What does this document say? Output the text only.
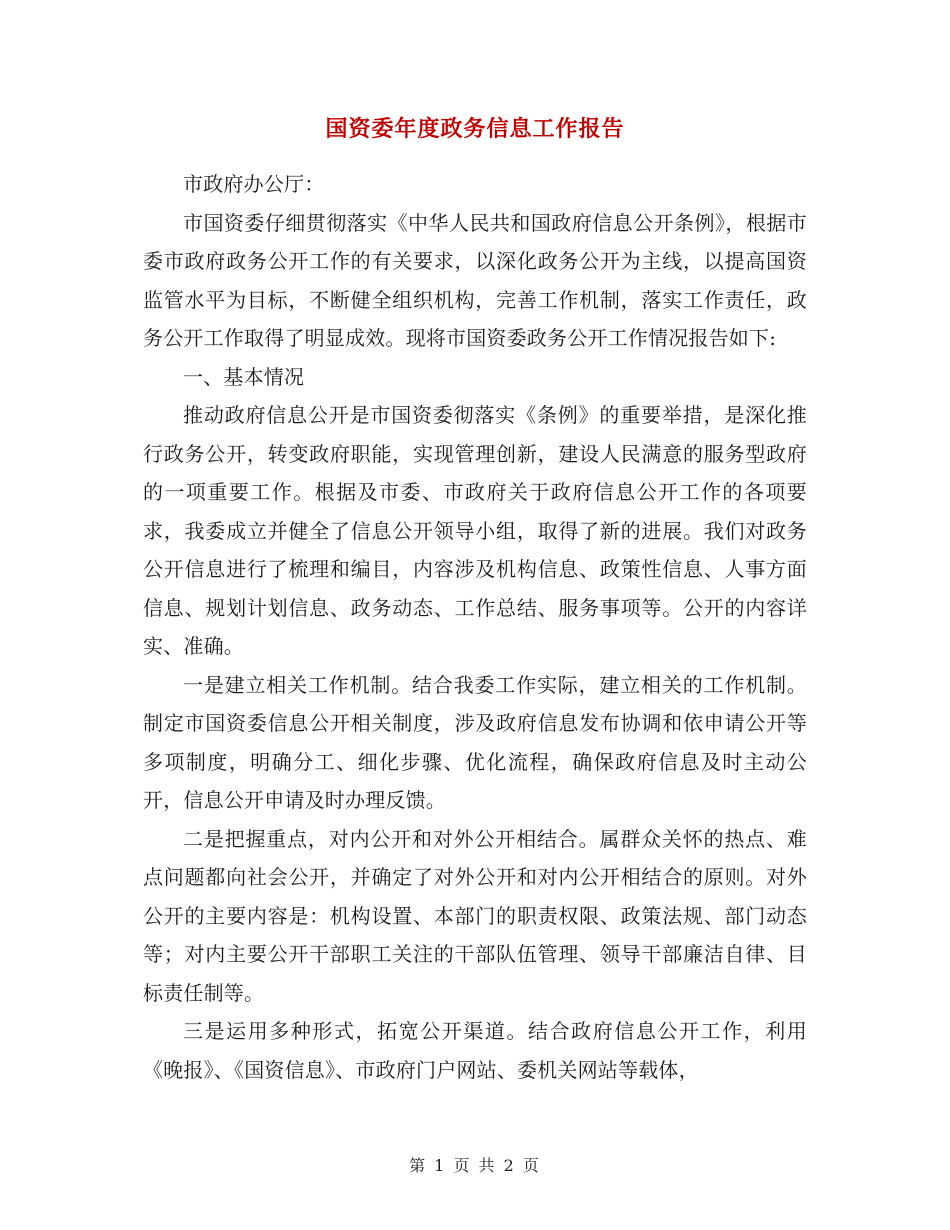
国资委年度政务信息工作报告

市政府办公厅：

市国资委仔细贯彻落实《中华人民共和国政府信息公开条例》，根据市委市政府政务公开工作的有关要求，以深化政务公开为主线，以提高国资监管水平为目标，不断健全组织机构，完善工作机制，落实工作责任，政务公开工作取得了明显成效。现将市国资委政务公开工作情况报告如下:

一、基本情况

推动政府信息公开是市国资委彻落实《条例》的重要举措，是深化推行政务公开，转变政府职能，实现管理创新，建设人民满意的服务型政府的一项重要工作。根据及市委、市政府关于政府信息公开工作的各项要求，我委成立并健全了信息公开领导小组，取得了新的进展。我们对政务公开信息进行了梳理和编目，内容涉及机构信息、政策性信息、人事方面信息、规划计划信息、政务动态、工作总结、服务事项等。公开的内容详实、准确。

一是建立相关工作机制。结合我委工作实际，建立相关的工作机制。制定市国资委信息公开相关制度，涉及政府信息发布协调和依申请公开等多项制度，明确分工、细化步骤、优化流程，确保政府信息及时主动公开，信息公开申请及时办理反馈。

二是把握重点，对内公开和对外公开相结合。属群众关怀的热点、难点问题都向社会公开，并确定了对外公开和对内公开相结合的原则。对外公开的主要内容是：机构设置、本部门的职责权限、政策法规、部门动态等；对内主要公开干部职工关注的干部队伍管理、领导干部廉洁自律、目标责任制等。

三是运用多种形式，拓宽公开渠道。结合政府信息公开工作，利用《晚报》、《国资信息》、市政府门户网站、委机关网站等载体，

第 1 页 共 2 页
